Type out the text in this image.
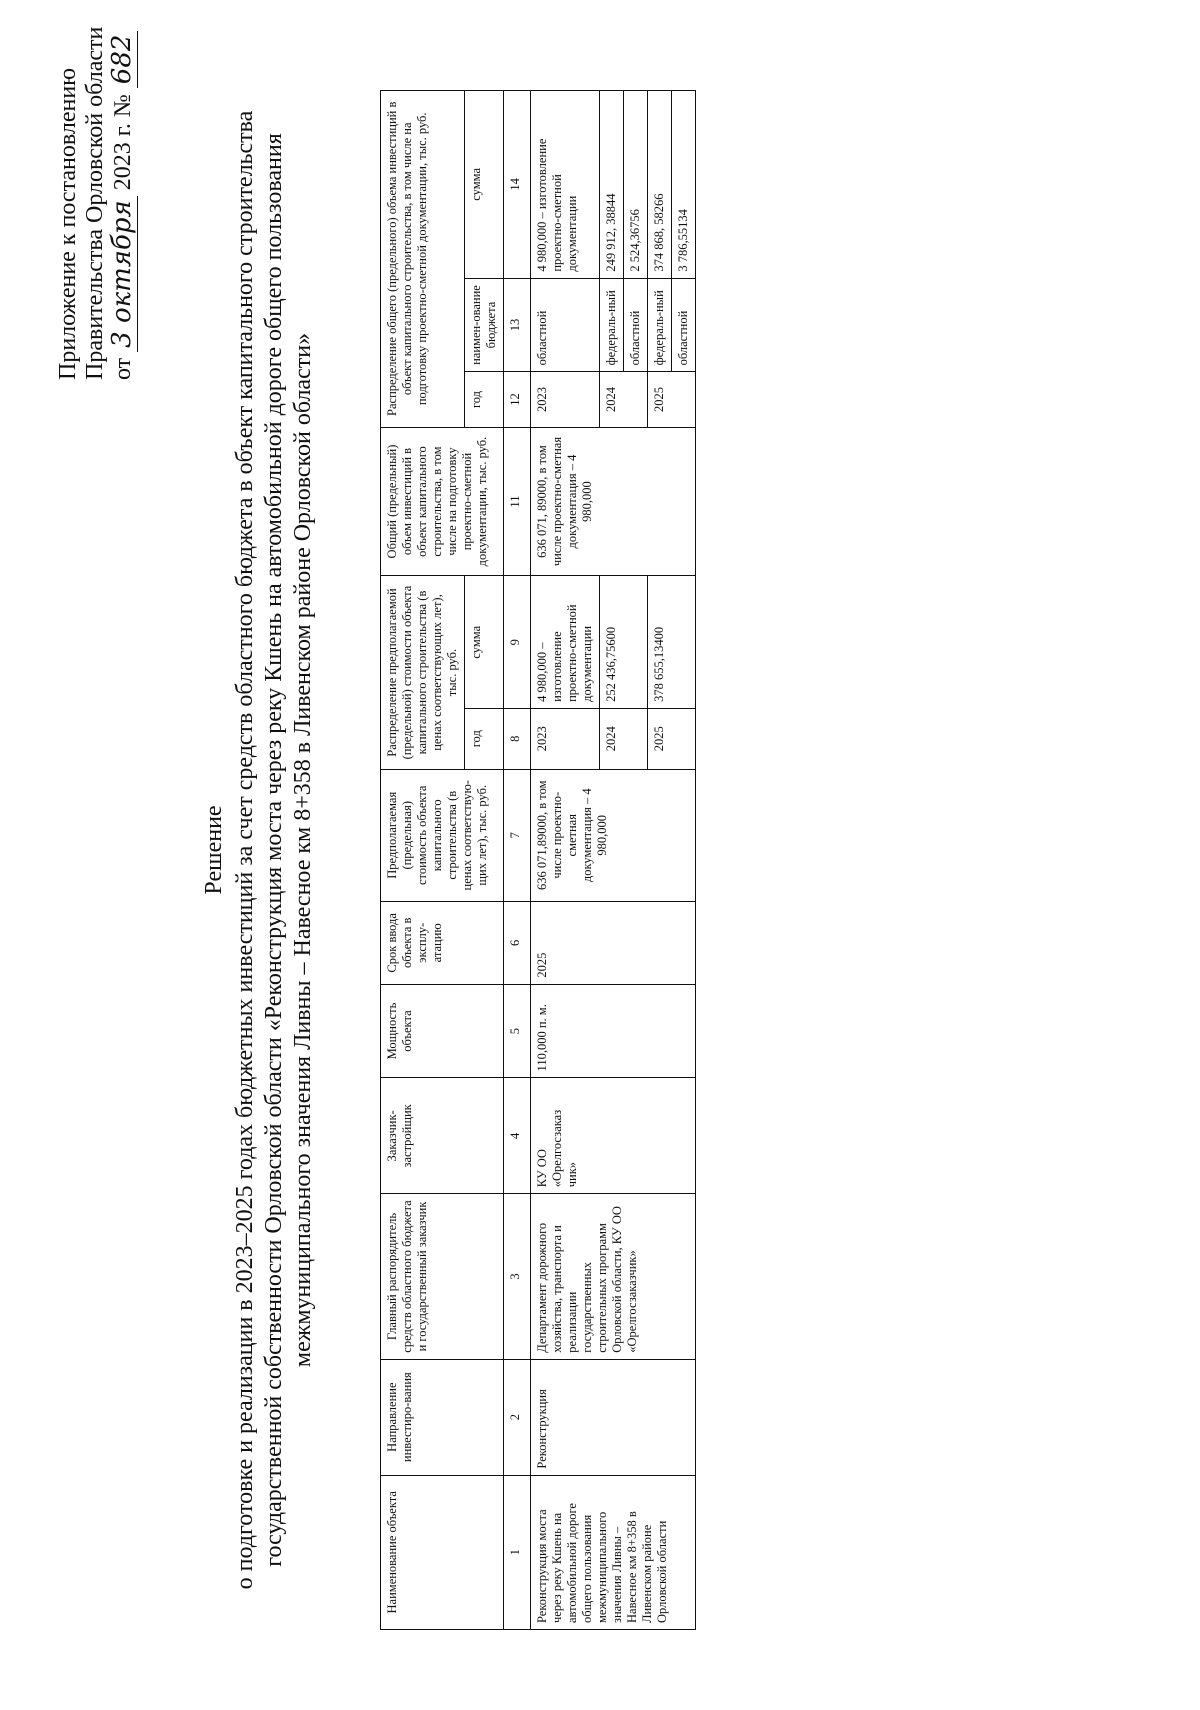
Приложение к постановлению Правительства Орловской области от 3 октября 2023 г. № 682
Решение о подготовке и реализации в 2023–2025 годах бюджетных инвестиций за счет средств областного бюджета в объект капитального строительства государственной собственности Орловской области «Реконструкция моста через реку Кшень на автомобильной дороге общего пользования межмуниципального значения Ливны – Навесное км 8+358 в Ливенском районе Орловской области»
Наименование объекта	Направление инвестиро-вания	Главный распорядитель средств областного бюджета и государственный заказчик	Заказчик-застройщик	Мощность объекта	Срок ввода объекта в эксплу-атацию	Предполагаемая (предельная) стоимость объекта капитального строительства (в ценах соответствую-щих лет), тыс. руб.	Распределение предполагаемой (предельной) стоимости объекта капитального строительства (в ценах соответствующих лет), тыс. руб.		Общий (предельный) объем инвестиций в объект капитального строительства, в том числе на подготовку проектно-сметной документации, тыс. руб.	Распределение общего (предельного) объема инвестиций в объект капитального строительства, в том числе на подготовку проектно-сметной документации, тыс. руб.		
							год	сумма		год	наимен-ование бюджета	сумма
1	2	3	4	5	6	7	8	9	11	12	13	14
Реконструкция моста через реку Кшень на автомобильной дороге общего пользования межмуниципального значения Ливны – Навесное км 8+358 в Ливенском районе Орловской области	Реконструкция	Департамент дорожного хозяйства, транспорта и реализации государственных строительных программ Орловской области, КУ ОО «Орелгосзаказчик»	КУ ОО «Орелгосзаказ чик»	110,000 п. м.	2025	636 071,89000, в том числе проектно-сметная документация – 4 980,000	2023	4 980,000 – изготовление проектно-сметной документации	636 071, 89000, в том числе проектно-сметная документация – 4 980,000	2023	областной	4 980,000 – изготовление проектно-сметной документации
							2024	252 436,75600		2024	федераль-ный	249 912, 38844
											областной	2 524,36756
							2025	378 655,13400		2025	федераль-ный	374 868, 58266
											областной	3 786,55134
